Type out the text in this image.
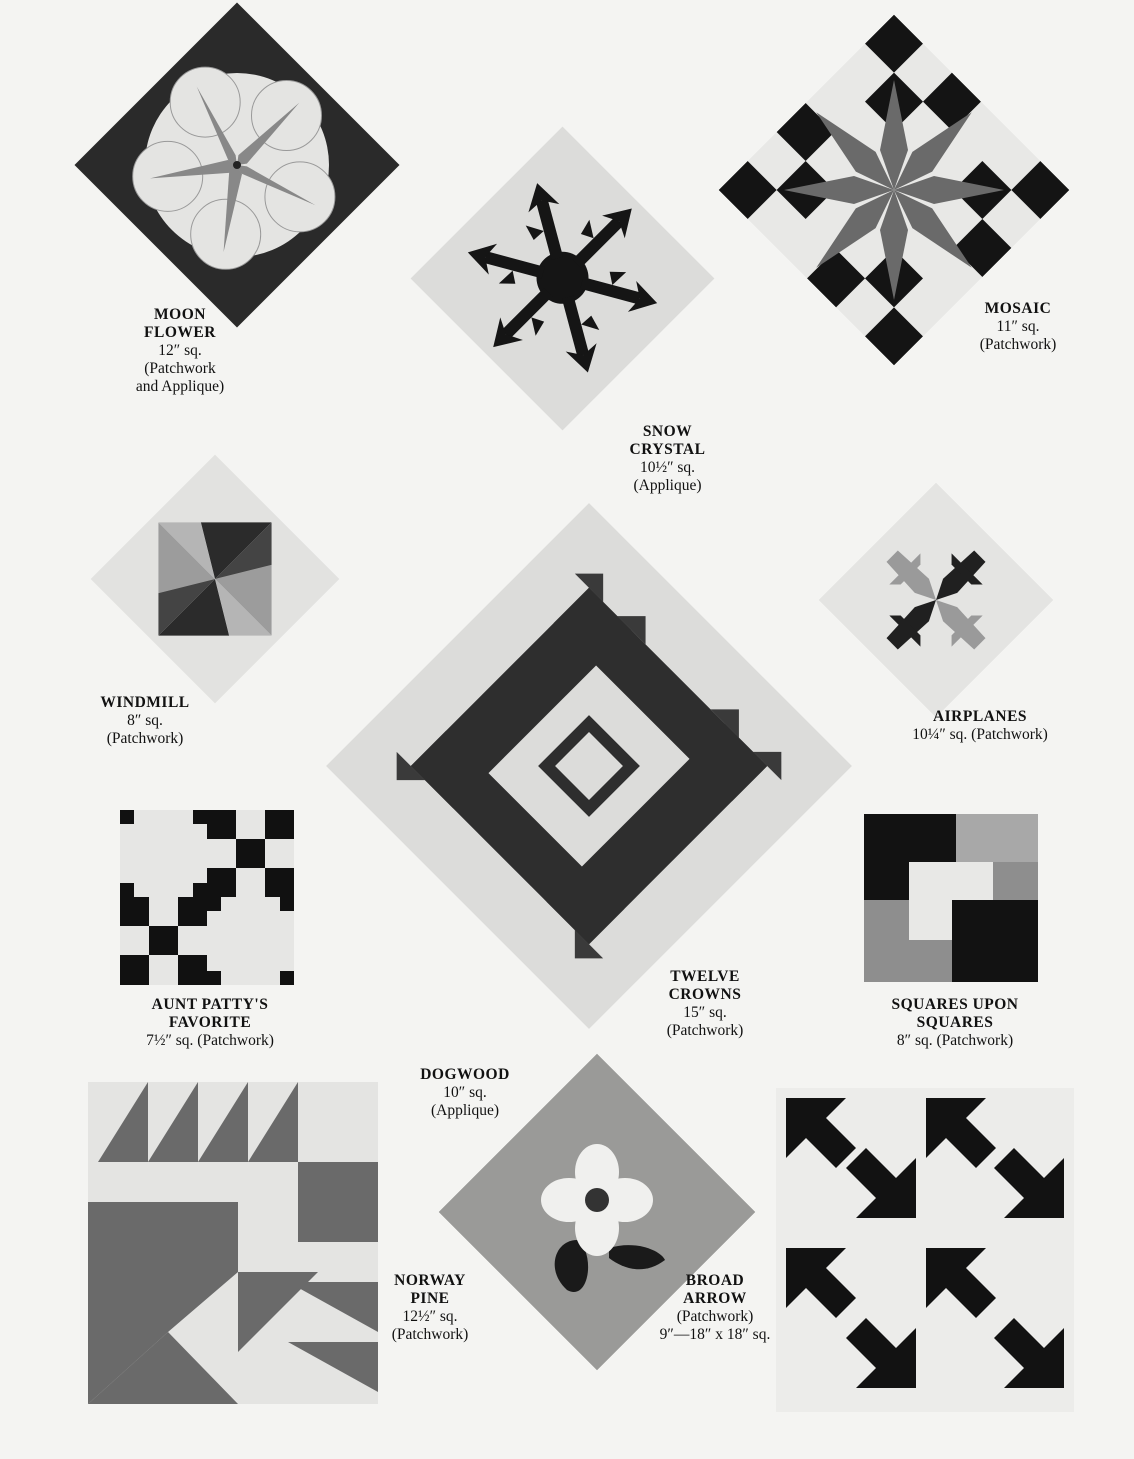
MOON
FLOWER
12″ sq.
(Patchwork
and Applique)
SNOW
CRYSTAL
10½″ sq.
(Applique)
MOSAIC
11″ sq.
(Patchwork)
WINDMILL
8″ sq.
(Patchwork)
TWELVE
CROWNS
15″ sq.
(Patchwork)
AIRPLANES
10¼″ sq. (Patchwork)
AUNT PATTY'S
FAVORITE
7½″ sq. (Patchwork)
SQUARES UPON
SQUARES
8″ sq. (Patchwork)
DOGWOOD
10″ sq.
(Applique)
NORWAY
PINE
12½″ sq.
(Patchwork)
BROAD
ARROW
(Patchwork)
9″—18″ x 18″ sq.
